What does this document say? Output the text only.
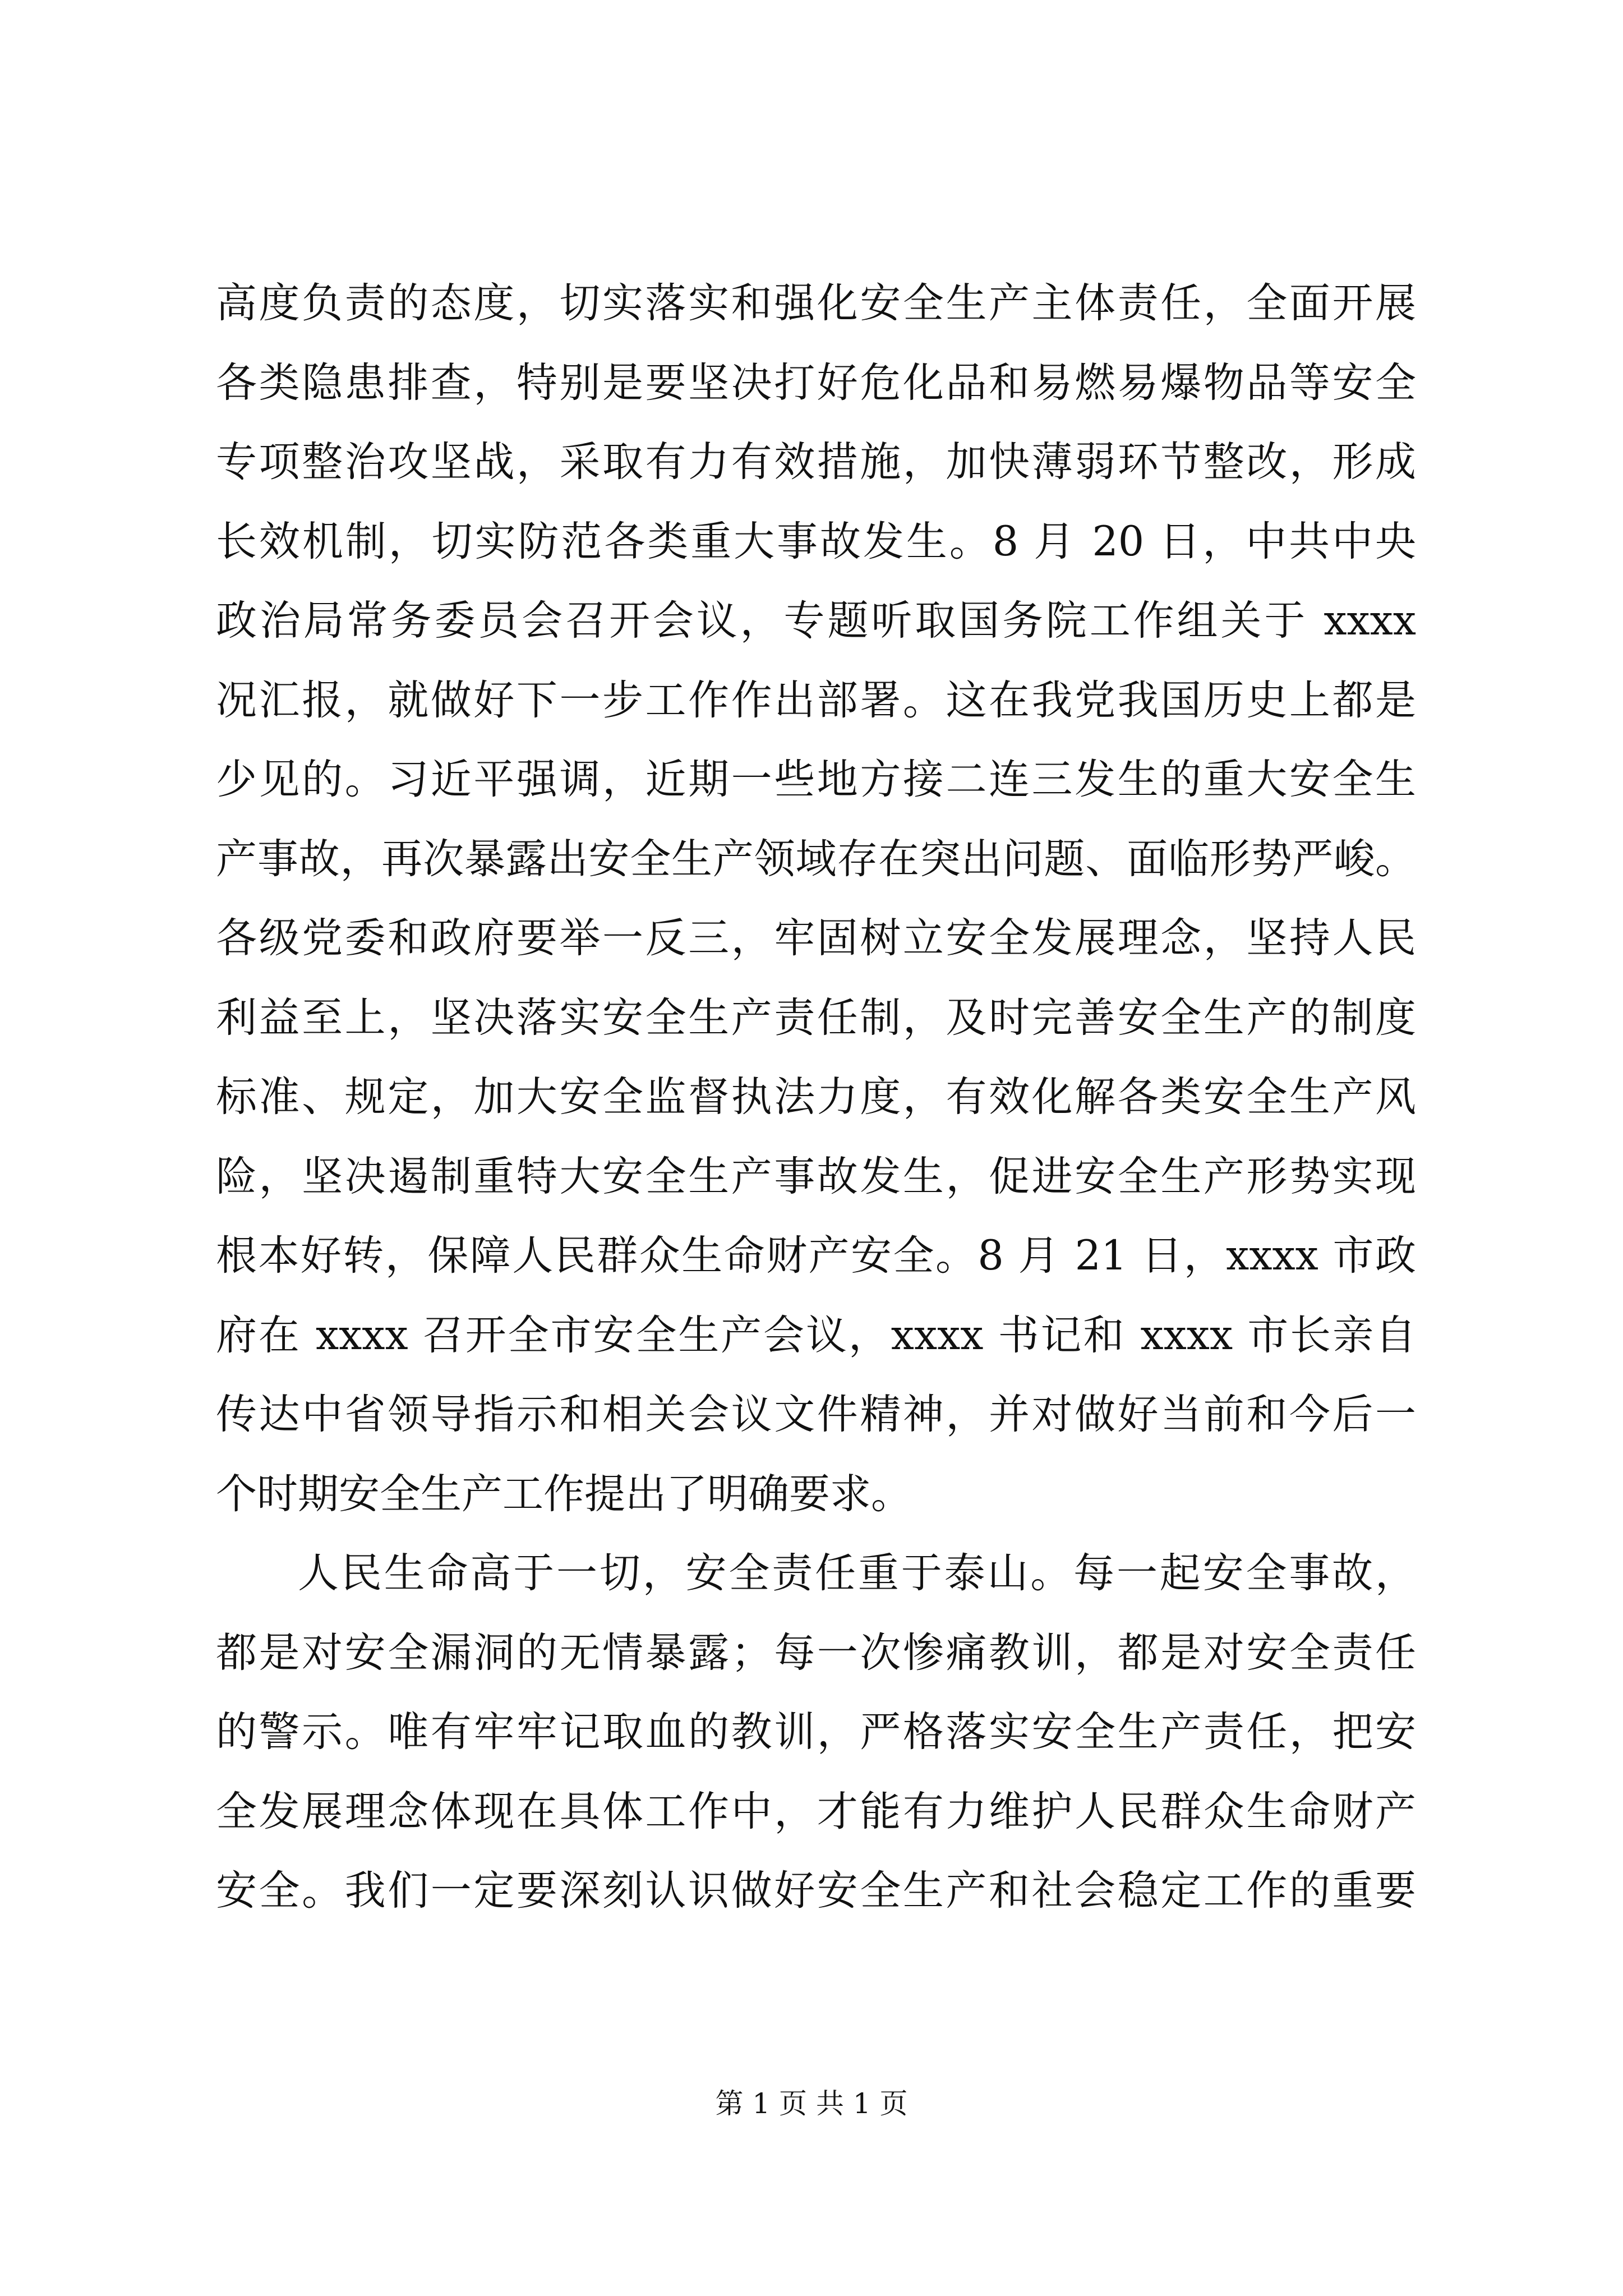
高度负责的态度，切实落实和强化安全生产主体责任，全面开展
各类隐患排查，特别是要坚决打好危化品和易燃易爆物品等安全
专项整治攻坚战，采取有力有效措施，加快薄弱环节整改，形成
长效机制，切实防范各类重大事故发生。8 月 20 日，中共中央
政治局常务委员会召开会议，专题听取国务院工作组关于 xxxx
况汇报，就做好下一步工作作出部署。这在我党我国历史上都是
少见的。习近平强调，近期一些地方接二连三发生的重大安全生
产事故，再次暴露出安全生产领域存在突出问题、面临形势严峻。
各级党委和政府要举一反三，牢固树立安全发展理念，坚持人民
利益至上，坚决落实安全生产责任制，及时完善安全生产的制度
标准、规定，加大安全监督执法力度，有效化解各类安全生产风
险，坚决遏制重特大安全生产事故发生，促进安全生产形势实现
根本好转，保障人民群众生命财产安全。8 月 21 日，xxxx 市政
府在 xxxx 召开全市安全生产会议，xxxx 书记和 xxxx 市长亲自
传达中省领导指示和相关会议文件精神，并对做好当前和今后一
个时期安全生产工作提出了明确要求。
人民生命高于一切，安全责任重于泰山。每一起安全事故，
都是对安全漏洞的无情暴露；每一次惨痛教训，都是对安全责任
的警示。唯有牢牢记取血的教训，严格落实安全生产责任，把安
全发展理念体现在具体工作中，才能有力维护人民群众生命财产
安全。我们一定要深刻认识做好安全生产和社会稳定工作的重要
第 1 页 共 1 页
